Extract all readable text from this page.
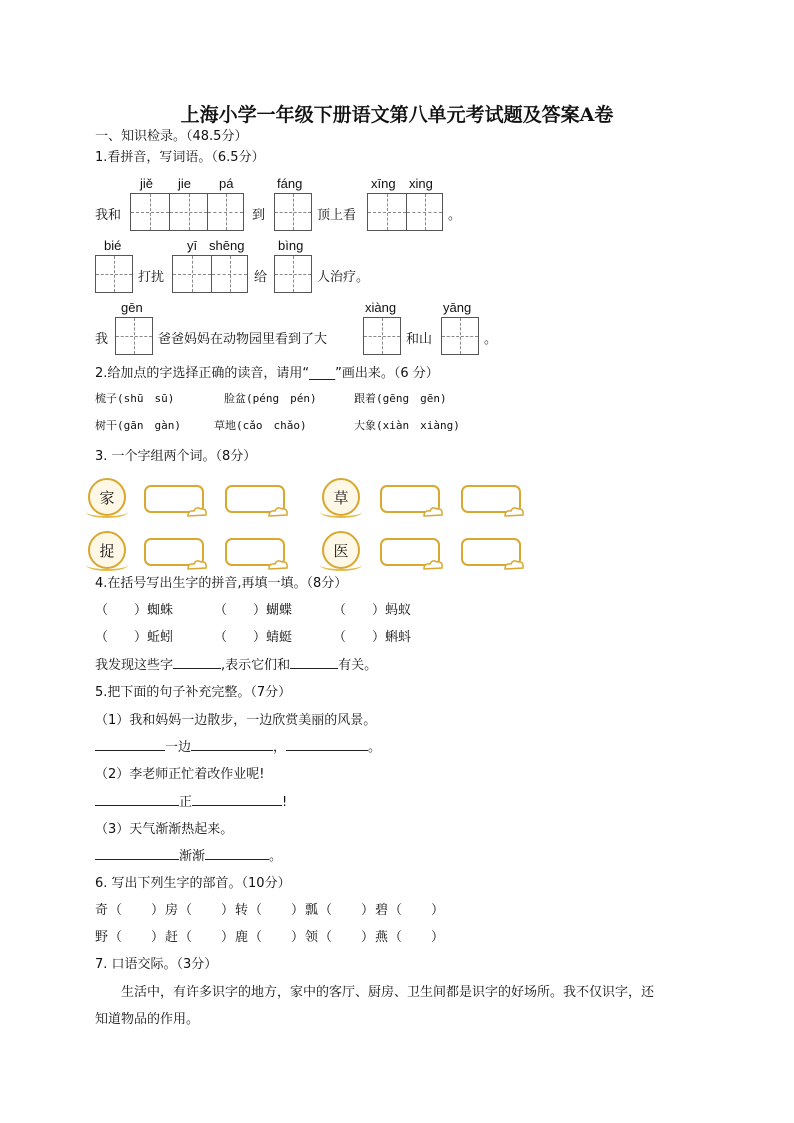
上海小学一年级下册语文第八单元考试题及答案A卷
一、知识检录。（48.5分）
1.看拼音，写词语。（6.5分）
我和
jiě jie pá
到
fáng
顶上看
xīng xing
。
bié
打扰
yī shēng
给
bìng
人治疗。
我
gēn
爸爸妈妈在动物园里看到了大
xiàng
和山
yāng
。
2.给加点的字选择正确的读音，请用“____”画出来。（6 分）
梳子(shū　sū)	脸盆(péng　pén)	跟着(gēng　gēn)
树干(gān　gàn)	草地(cǎo　chǎo)	大象(xiàn　xiàng)
3. 一个字组两个词。（8分）
家	草
捉	医
4.在括号写出生字的拼音,再填一填。（8分）
（　　）蜘蛛	（　　）蝴蝶	（　　）蚂蚁
（　　）蚯蚓	（　　）蜻蜓	（　　）蝌蚪
我发现这些字	,表示它们和	有关。
5.把下面的句子补充完整。（7分）
（1）我和妈妈一边散步，一边欣赏美丽的风景。
一边	，	。
（2）李老师正忙着改作业呢!
正	!
（3）天气渐渐热起来。
渐渐	。
6. 写出下列生字的部首。（10分）
奇（　　）房（　　）转（　　）瓢（　　）碧（　　）
野（　　）赶（　　）鹿（　　）领（　　）燕（　　）
7. 口语交际。（3分）
生活中，有许多识字的地方，家中的客厅、厨房、卫生间都是识字的好场所。我不仅识字，还
知道物品的作用。
